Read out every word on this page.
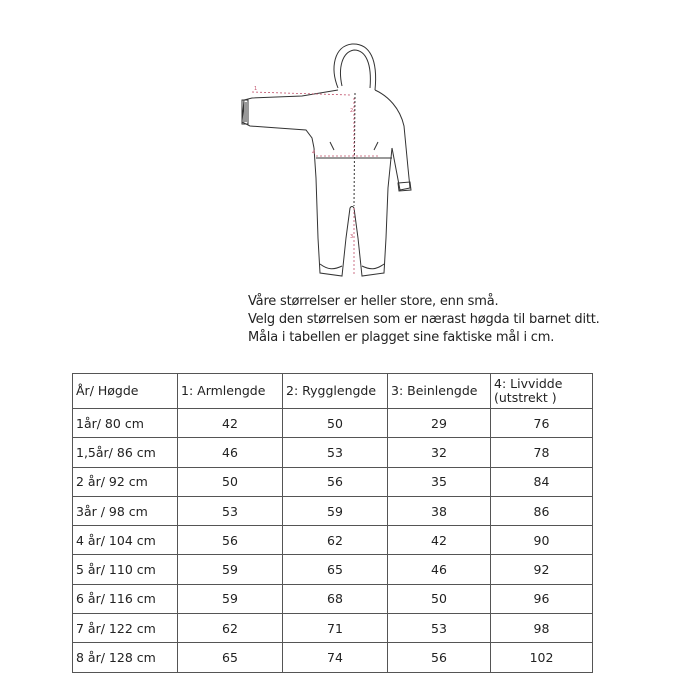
1
2
3
4
Våre størrelser er heller store, enn små.
Velg den størrelsen som er nærast høgda til barnet ditt.
Måla i tabellen er plagget sine faktiske mål i cm.
År/ Høgde	1: Armlengde	2: Rygglengde	3: Beinlengde	4: Livvidde (utstrekt )
1år/ 80 cm	42	50	29	76
1,5år/ 86 cm	46	53	32	78
2 år/ 92 cm	50	56	35	84
3år / 98 cm	53	59	38	86
4 år/ 104 cm	56	62	42	90
5 år/ 110 cm	59	65	46	92
6 år/ 116 cm	59	68	50	96
7 år/ 122 cm	62	71	53	98
8 år/ 128 cm	65	74	56	102
